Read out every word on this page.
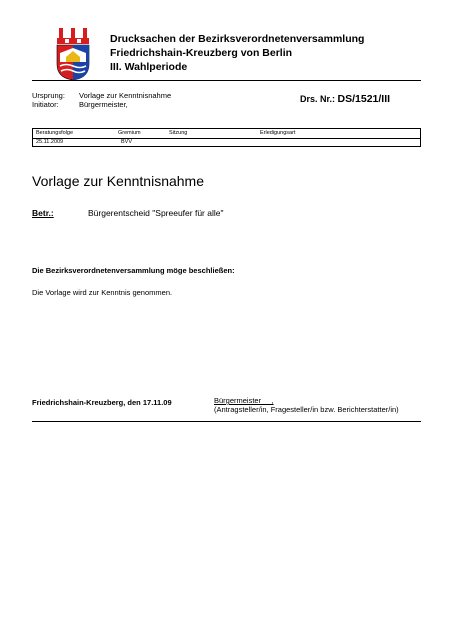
Drucksachen der Bezirksverordnetenversammlung
Friedrichshain-Kreuzberg von Berlin
III. Wahlperiode
Ursprung: Vorlage zur Kenntnisnahme
Initiator:	Bürgermeister,
Drs. Nr.: DS/1521/III
Beratungsfolge	Gremium	Sitzung	Erledigungsart
25.11.2009	BVV
Vorlage zur Kenntnisnahme
Betr.:	Bürgerentscheid "Spreeufer für alle"
Die Bezirksverordnetenversammlung möge beschließen:
Die Vorlage wird zur Kenntnis genommen.
Friedrichshain-Kreuzberg, den 17.11.09	Bürgermeister     ,
(Antragsteller/in, Fragesteller/in bzw. Berichterstatter/in)
